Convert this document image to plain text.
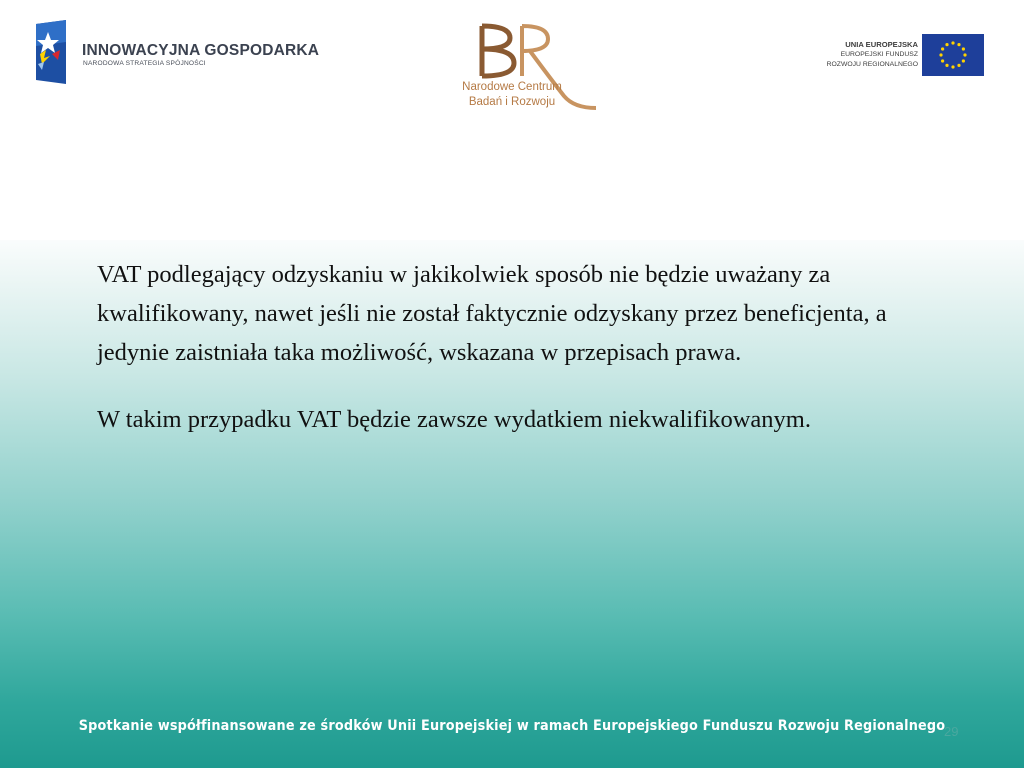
INNOWACYJNA GOSPODARKA
NARODOWA STRATEGIA SPÓJNOŚCI
Narodowe Centrum
Badań i Rozwoju
UNIA EUROPEJSKA
EUROPEJSKI FUNDUSZ
ROZWOJU REGIONALNEGO

VAT podlegający odzyskaniu w jakikolwiek sposób nie będzie uważany za kwalifikowany, nawet jeśli nie został faktycznie odzyskany przez beneficjenta, a jedynie zaistniała taka możliwość, wskazana w przepisach prawa.

W takim przypadku VAT będzie zawsze wydatkiem niekwalifikowanym.

Spotkanie współfinansowane ze środków Unii Europejskiej w ramach Europejskiego Funduszu Rozwoju Regionalnego
29
